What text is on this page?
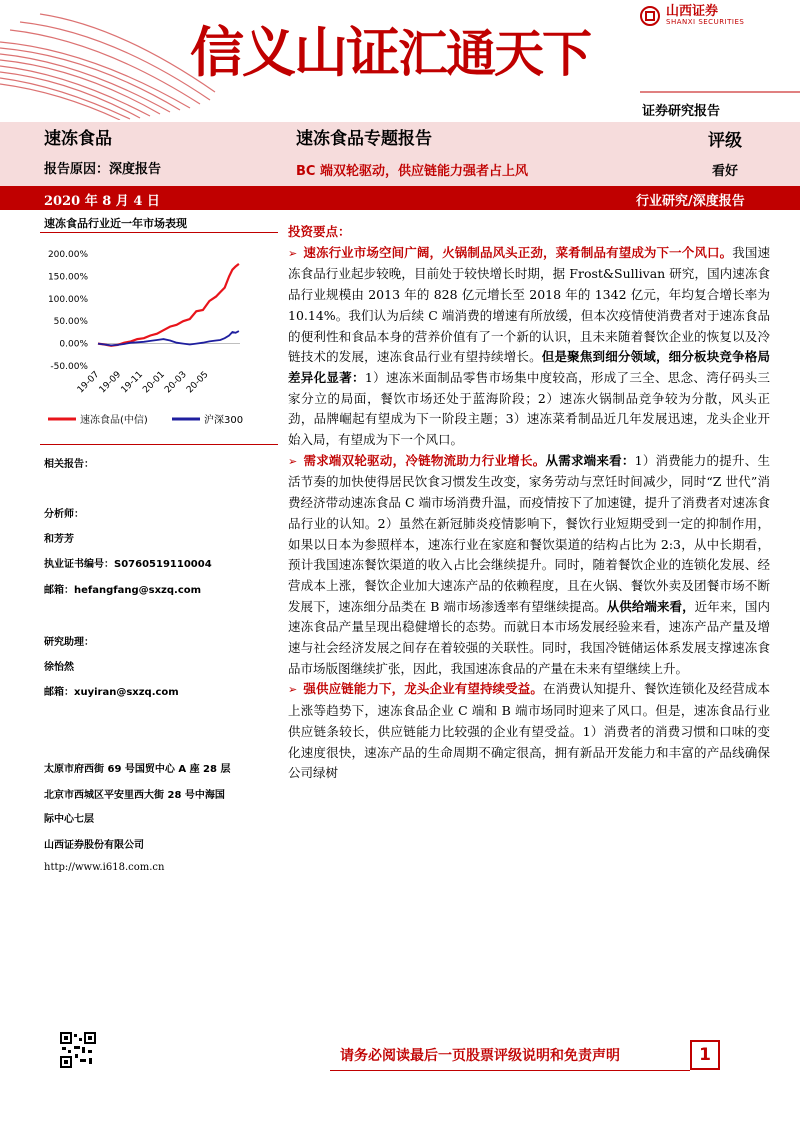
信义山证汇通天下
山西证券
SHANXI SECURITIES
证券研究报告
速冻食品
报告原因：深度报告
速冻食品专题报告
BC 端双轮驱动，供应链能力强者占上风
评级
看好
2020 年 8 月 4 日	行业研究/深度报告
速冻食品行业近一年市场表现
200.00%
150.00%
100.00%
50.00%
0.00%
-50.00%
19-07
19-09
19-11
20-01
20-03
20-05
速冻食品(中信)	沪深300
相关报告：
分析师：
和芳芳
执业证书编号：S0760519110004
邮箱：hefangfang@sxzq.com
研究助理：
徐怡然
邮箱：xuyiran@sxzq.com
太原市府西街 69 号国贸中心 A 座 28 层
北京市西城区平安里西大街 28 号中海国
际中心七层
山西证券股份有限公司
http://www.i618.com.cn

投资要点：

➢ 速冻行业市场空间广阔，火锅制品风头正劲，菜肴制品有望成为下一个风口。我国速冻食品行业起步较晚，目前处于较快增长时期，据 Frost&Sullivan 研究，国内速冻食品行业规模由 2013 年的 828 亿元增长至 2018 年的 1342 亿元，年均复合增长率为 10.14%。我们认为后续 C 端消费的增速有所放缓，但本次疫情使消费者对于速冻食品的便利性和食品本身的营养价值有了一个新的认识，且未来随着餐饮企业的恢复以及冷链技术的发展，速冻食品行业有望持续增长。但是聚焦到细分领域，细分板块竞争格局差异化显著：1）速冻米面制品零售市场集中度较高，形成了三全、思念、湾仔码头三家分立的局面，餐饮市场还处于蓝海阶段；2）速冻火锅制品竞争较为分散，风头正劲，品牌崛起有望成为下一阶段主题；3）速冻菜肴制品近几年发展迅速，龙头企业开始入局，有望成为下一个风口。

➢ 需求端双轮驱动，冷链物流助力行业增长。从需求端来看：1）消费能力的提升、生活节奏的加快使得居民饮食习惯发生改变，家务劳动与烹饪时间减少，同时“Z 世代”消费经济带动速冻食品 C 端市场消费升温，而疫情按下了加速键，提升了消费者对速冻食品行业的认知。2）虽然在新冠肺炎疫情影响下，餐饮行业短期受到一定的抑制作用，如果以日本为参照样本，速冻行业在家庭和餐饮渠道的结构占比为 2:3，从中长期看，预计我国速冻餐饮渠道的收入占比会继续提升。同时，随着餐饮企业的连锁化发展、经营成本上涨，餐饮企业加大速冻产品的依赖程度，且在火锅、餐饮外卖及团餐市场不断发展下，速冻细分品类在 B 端市场渗透率有望继续提高。从供给端来看，近年来，国内速冻食品产量呈现出稳健增长的态势。而就日本市场发展经验来看，速冻产品产量及增速与社会经济发展之间存在着较强的关联性。同时，我国冷链储运体系发展支撑速冻食品市场版图继续扩张，因此，我国速冻食品的产量在未来有望继续上升。

➢ 强供应链能力下，龙头企业有望持续受益。在消费认知提升、餐饮连锁化及经营成本上涨等趋势下，速冻食品企业 C 端和 B 端市场同时迎来了风口。但是，速冻食品行业供应链条较长，供应链能力比较强的企业有望受益。1）消费者的消费习惯和口味的变化速度很快，速冻产品的生命周期不确定很高，拥有新品开发能力和丰富的产品线确保公司绿树

请务必阅读最后一页股票评级说明和免责声明	1
